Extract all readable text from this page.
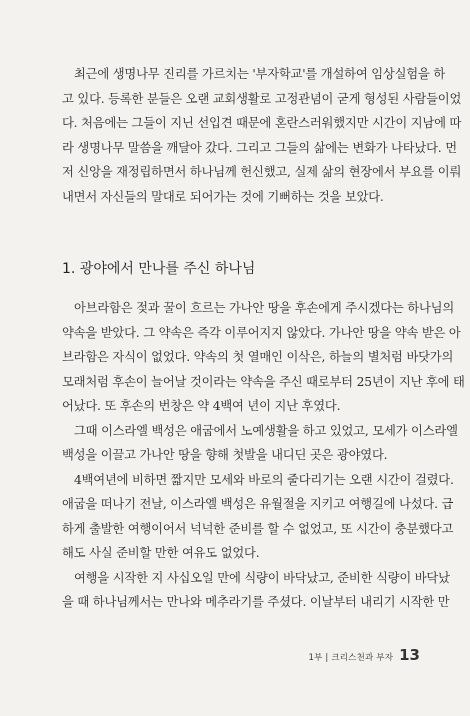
최근에 생명나무 진리를 가르치는 '부자학교'를 개설하여 임상실험을 하
고 있다. 등록한 분들은 오랜 교회생활로 고정관념이 굳게 형성된 사람들이었
다. 처음에는 그들이 지닌 선입견 때문에 혼란스러워했지만 시간이 지남에 따
라 생명나무 말씀을 깨달아 갔다. 그리고 그들의 삶에는 변화가 나타났다. 먼
저 신앙을 재정립하면서 하나님께 헌신했고, 실제 삶의 현장에서 부요를 이뤄
내면서 자신들의 말대로 되어가는 것에 기뻐하는 것을 보았다.

1. 광야에서 만나를 주신 하나님

아브라함은 젖과 꿀이 흐르는 가나안 땅을 후손에게 주시겠다는 하나님의
약속을 받았다. 그 약속은 즉각 이루어지지 않았다. 가나안 땅을 약속 받은 아
브라함은 자식이 없었다. 약속의 첫 열매인 이삭은, 하늘의 별처럼 바닷가의
모래처럼 후손이 늘어날 것이라는 약속을 주신 때로부터 25년이 지난 후에 태
어났다. 또 후손의 번창은 약 4백여 년이 지난 후였다.

그때 이스라엘 백성은 애굽에서 노예생활을 하고 있었고, 모세가 이스라엘
백성을 이끌고 가나안 땅을 향해 첫발을 내디딘 곳은 광야였다.

4백여년에 비하면 짧지만 모세와 바로의 줄다리기는 오랜 시간이 걸렸다.
애굽을 떠나기 전날, 이스라엘 백성은 유월절을 지키고 여행길에 나섰다. 급
하게 출발한 여행이어서 넉넉한 준비를 할 수 없었고, 또 시간이 충분했다고
해도 사실 준비할 만한 여유도 없었다.

여행을 시작한 지 사십오일 만에 식량이 바닥났고, 준비한 식량이 바닥났
을 때 하나님께서는 만나와 메추라기를 주셨다. 이날부터 내리기 시작한 만

1부 | 크리스천과 부자 13
